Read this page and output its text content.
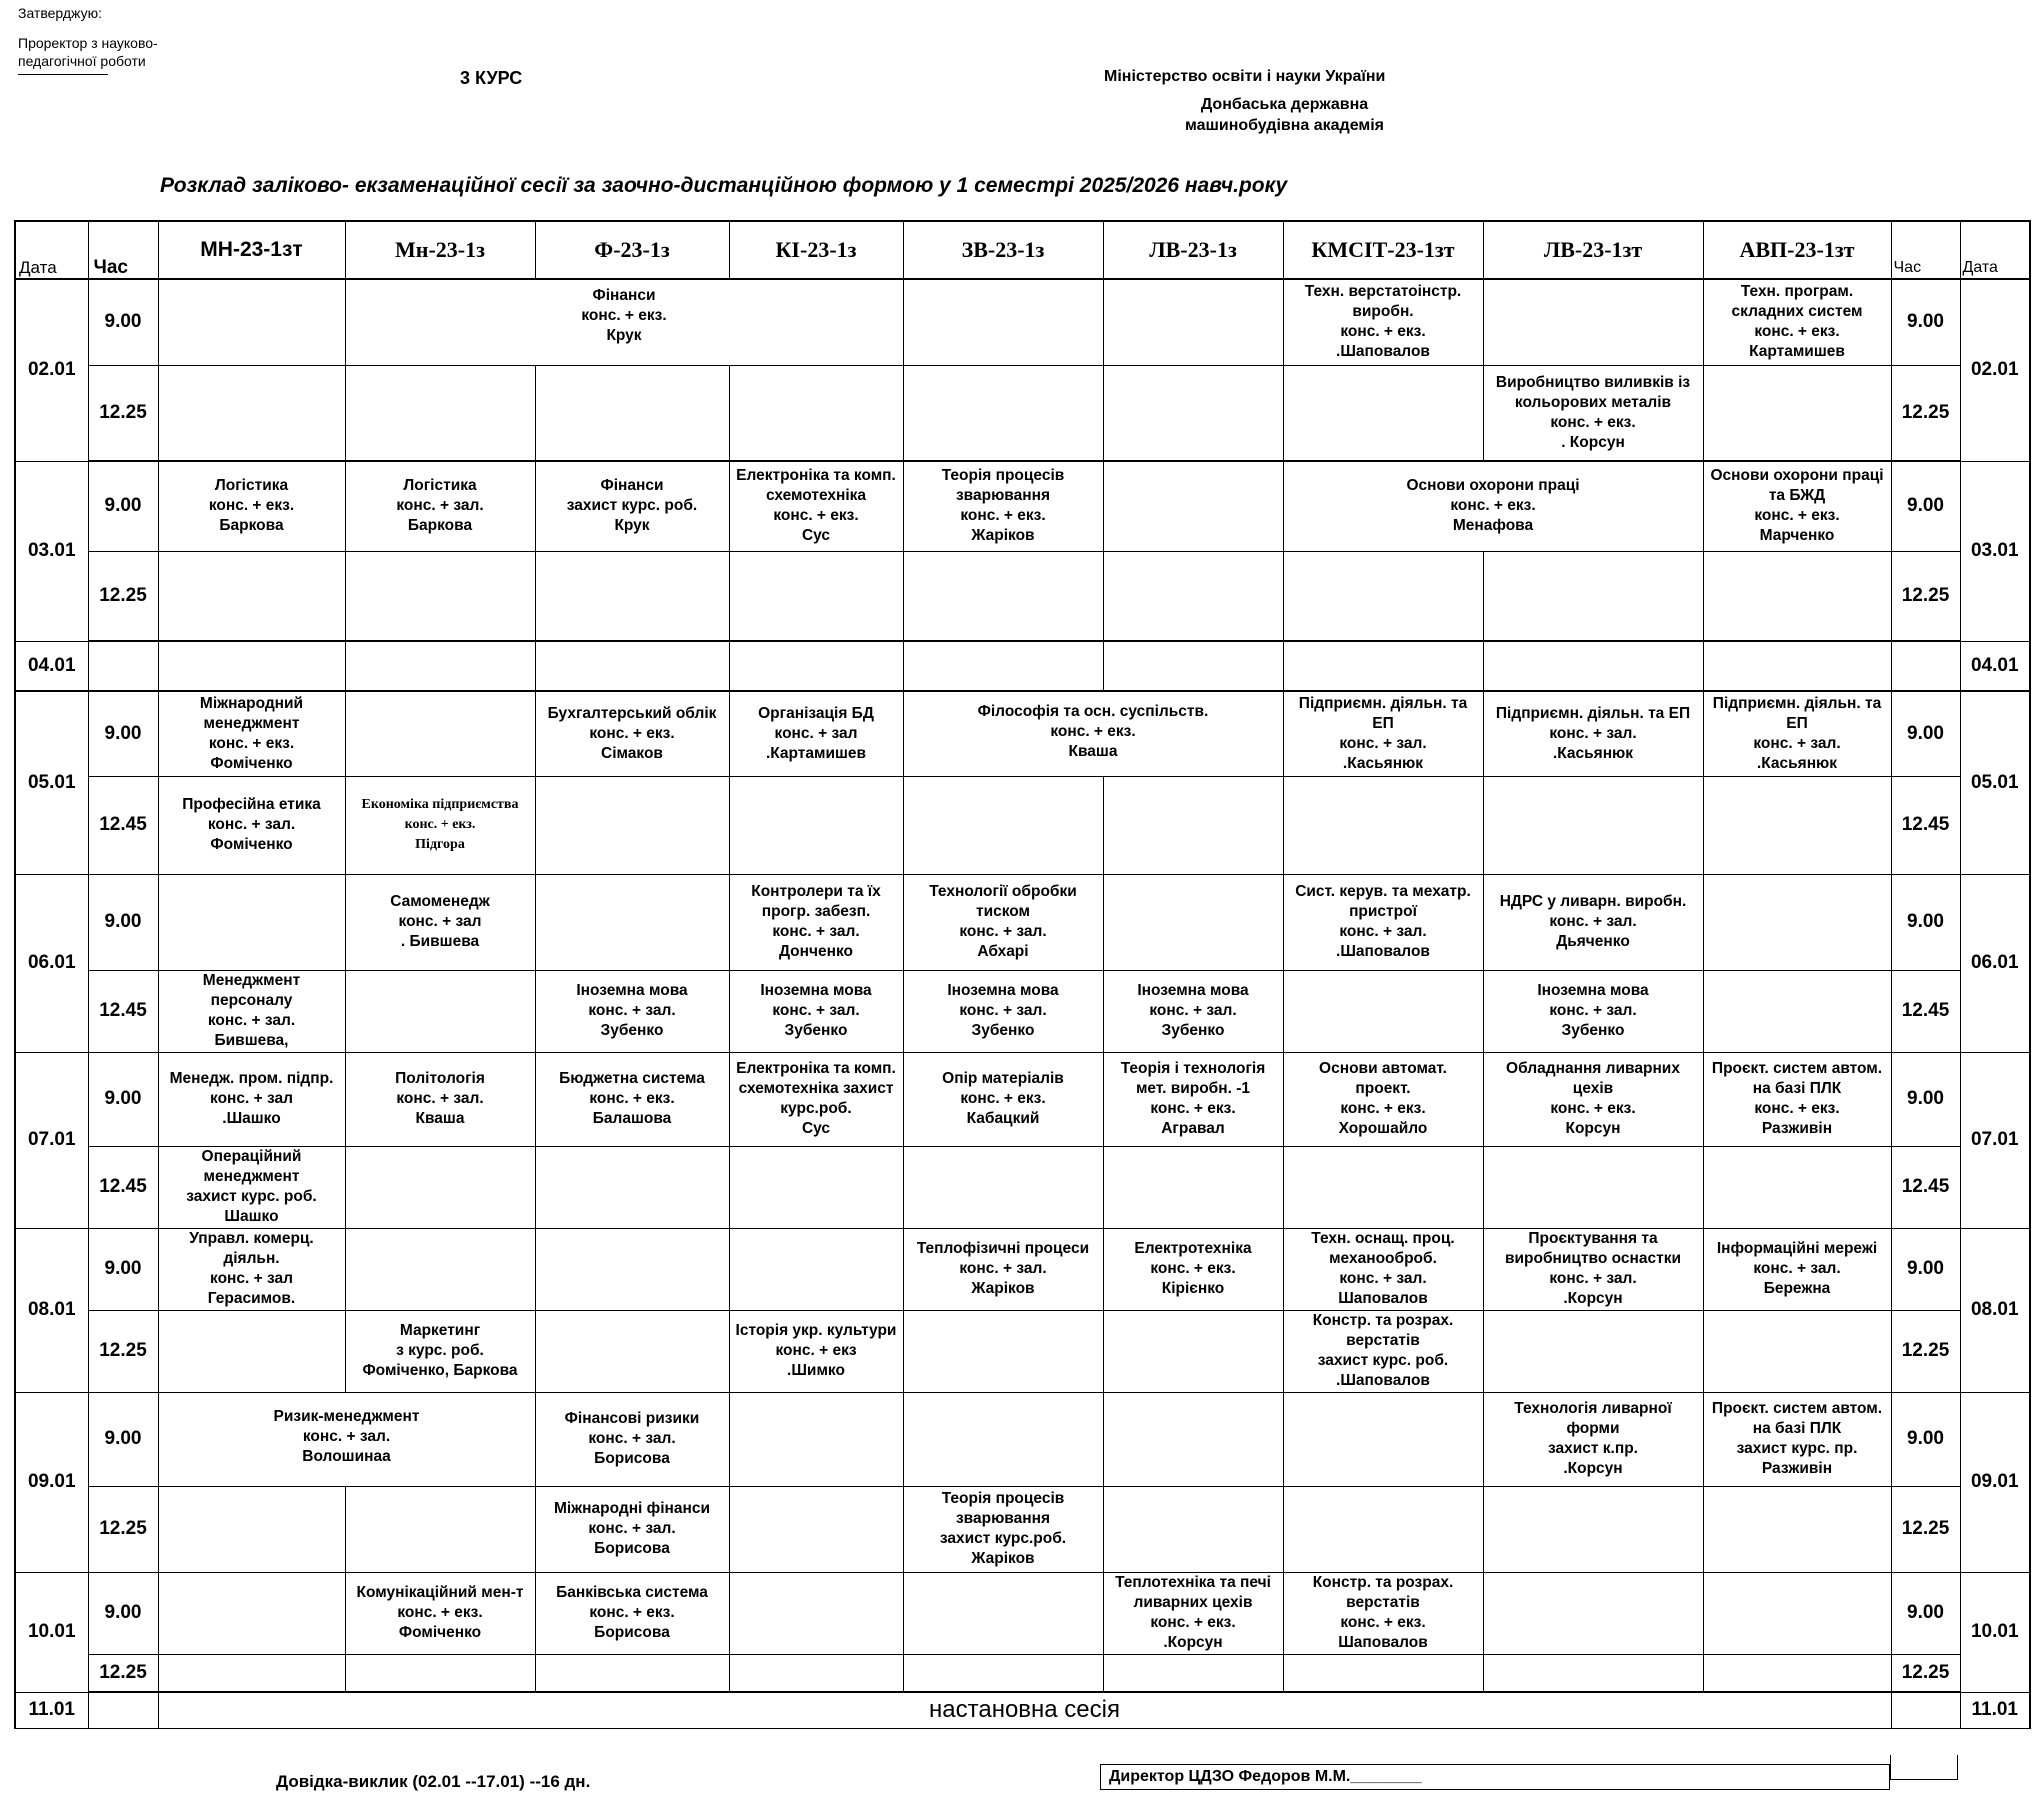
Затверджую:
Проректор з науково-
педагогічної роботи
3 КУРС	Міністерство освіти і науки України
Донбаська державна
машинобудівна академія
Розклад заліково- екзаменаційної сесії за заочно-дистанційною формою у 1 семестрі 2025/2026 навч.року
Дата	Час	МН-23-1зт	Мн-23-1з	Ф-23-1з	КІ-23-1з	ЗВ-23-1з	ЛВ-23-1з	КМСІТ-23-1зт	ЛВ-23-1зт	АВП-23-1зт	Час	Дата
02.01	9.00		Фінанси
конс. + екз.
Крук					Техн. верстатоінстр.
виробн.
конс. + екз.
.Шаповалов		Техн. програм.
складних систем
конс. + екз.
Картамишев	9.00	02.01
	12.25								Виробництво виливків із
кольорових металів
конс. + екз.
. Корсун		12.25	
03.01	9.00	Логістика
конс. + екз.
Баркова	Логістика
конс. + зал.
Баркова	Фінанси
захист курс. роб.
Крук	Електроніка та комп.
схемотехніка
конс. + екз.
Сус	Теорія процесів
зварювання
конс. + екз.
Жаріков		Основи охорони праці
конс. + екз.
Менафова		Основи охорони праці
та БЖД
конс. + екз.
Марченко	9.00	03.01
	12.25										12.25	
04.01												04.01
05.01	9.00	Міжнародний
менеджмент
конс. + екз.
Фоміченко		Бухгалтерський облік
конс. + екз.
Сімаков	Організація БД
конс. + зал
.Картамишев	Філософія та осн. суспільств.
конс. + екз.
Кваша		Підприємн. діяльн. та
ЕП
конс. + зал.
.Касьянюк	Підприємн. діяльн. та ЕП
конс. + зал.
.Касьянюк	Підприємн. діяльн. та
ЕП
конс. + зал.
.Касьянюк	9.00	05.01
	12.45	Професійна етика
конс. + зал.
Фоміченко	Економіка підприємства
конс. + екз.
Підгора								12.45	
06.01	9.00		Самоменедж
конс. + зал
. Бившева		Контролери та їх
прогр. забезп.
конс. + зал.
Донченко	Технології обробки
тиском
конс. + зал.
Абхарі		Сист. керув. та мехатр.
пристрої
конс. + зал.
.Шаповалов	НДРС у ливарн. виробн.
конс. + зал.
Дьяченко		9.00	06.01
	12.45	Менеджмент
персоналу
конс. + зал.
Бившева,		Іноземна мова
конс. + зал.
Зубенко	Іноземна мова
конс. + зал.
Зубенко	Іноземна мова
конс. + зал.
Зубенко	Іноземна мова
конс. + зал.
Зубенко		Іноземна мова
конс. + зал.
Зубенко		12.45	
07.01	9.00	Менедж. пром. підпр.
конс. + зал
.Шашко	Політологія
конс. + зал.
Кваша	Бюджетна система
конс. + екз.
Балашова	Електроніка та комп.
схемотехніка захист
курс.роб.
Сус	Опір матеріалів
конс. + екз.
Кабацкий	Теорія і технологія
мет. виробн. -1
конс. + екз.
Агравал	Основи автомат.
проект.
конс. + екз.
Хорошайло	Обладнання ливарних
цехів
конс. + екз.
Корсун	Проєкт. систем автом.
на базі ПЛК
конс. + екз.
Разживін	9.00	07.01
	12.45	Операційний
менеджмент
захист курс. роб.
Шашко									12.45	
08.01	9.00	Управл. комерц.
діяльн.
конс. + зал
Герасимов.				Теплофізичні процеси
конс. + зал.
Жаріков	Електротехніка
конс. + екз.
Кірієнко	Техн. оснащ. проц.
механооброб.
конс. + зал.
Шаповалов	Проєктування та
виробництво оснастки
конс. + зал.
.Корсун	Інформаційні мережі
конс. + зал.
Бережна	9.00	08.01
	12.25		Маркетинг
з курс. роб.
Фоміченко, Баркова		Історія укр. культури
конс. + екз
.Шимко			Констр. та розрах.
верстатів
захист курс. роб.
.Шаповалов			12.25	
09.01	9.00	Ризик-менеджмент
конс. + зал.
Волошинаа		Фінансові ризики
конс. + зал.
Борисова					Технологія ливарної
форми
захист к.пр.
.Корсун	Проєкт. систем автом.
на базі ПЛК
захист курс. пр.
Разживін	9.00	09.01
	12.25			Міжнародні фінанси
конс. + зал.
Борисова		Теорія процесів
зварювання
захист курс.роб.
Жаріков					12.25	
10.01	9.00		Комунікаційний мен-т
конс. + екз.
Фоміченко	Банківська система
конс. + екз.
Борисова			Теплотехніка та печі
ливарних цехів
конс. + екз.
.Корсун	Констр. та розрах.
верстатів
конс. + екз.
Шаповалов			9.00	10.01
	12.25										12.25	
11.01		настановна сесія										11.01
Довідка-виклик (02.01 --17.01) --16 дн.	Директор ЦДЗО Федоров М.М.________
